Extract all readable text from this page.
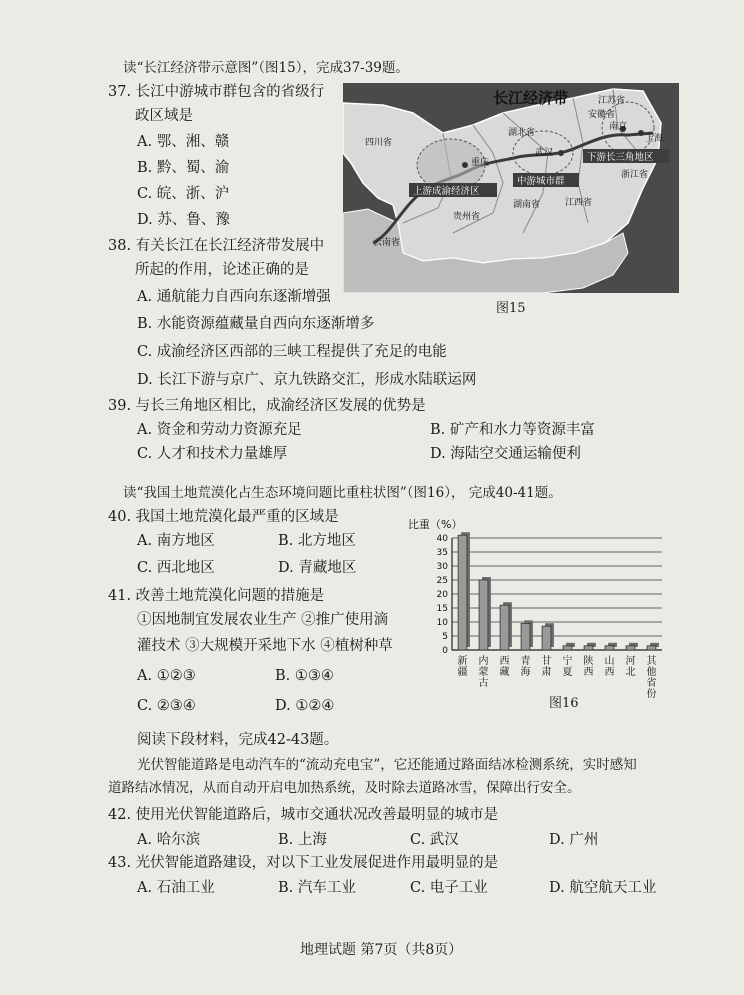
读“长江经济带示意图”（图15），完成37-39题。
37. 长江中游城市群包含的省级行
政区域是
A. 鄂、湘、赣
B. 黔、蜀、渝
C. 皖、浙、沪
D. 苏、鲁、豫
38. 有关长江在长江经济带发展中
所起的作用，论述正确的是
A. 通航能力自西向东逐渐增强
B. 水能资源蕴藏量自西向东逐渐增多
C. 成渝经济区西部的三峡工程提供了充足的电能
D. 长江下游与京广、京九铁路交汇，形成水陆联运网
39. 与长三角地区相比，成渝经济区发展的优势是
A. 资金和劳动力资源充足	B. 矿产和水力等资源丰富
C. 人才和技术力量雄厚	D. 海陆空交通运输便利
长江经济带
四川省
湖北省
江苏省
安徽省
浙江省
江西省
湖南省
贵州省
云南省
南京
上海
武汉
重庆
上游成渝经济区
中游城市群
下游长三角地区
图15
读“我国土地荒漠化占生态环境问题比重柱状图”（图16）， 完成40-41题。
40. 我国土地荒漠化最严重的区域是
A. 南方地区	B. 北方地区
C. 西北地区	D. 青藏地区
41. 改善土地荒漠化问题的措施是
①因地制宜发展农业生产 ②推广使用滴
灌技术 ③大规模开采地下水 ④植树种草
A. ①②③	B. ①③④
C. ②③④	D. ①②④
比重（%）
0
5
10
15
20
25
30
35
40
新
疆
内
蒙
古
西
藏
青
海
甘
肃
宁
夏
陕
西
山
西
河
北
其
他
省
份
图16
阅读下段材料，完成42-43题。
光伏智能道路是电动汽车的“流动充电宝”，它还能通过路面结冰检测系统，实时感知
道路结冰情况，从而自动开启电加热系统，及时除去道路冰雪，保障出行安全。
42. 使用光伏智能道路后，城市交通状况改善最明显的城市是
A. 哈尔滨	B. 上海	C. 武汉	D. 广州
43. 光伏智能道路建设，对以下工业发展促进作用最明显的是
A. 石油工业	B. 汽车工业	C. 电子工业	D. 航空航天工业
地理试题 第7页（共8页）
